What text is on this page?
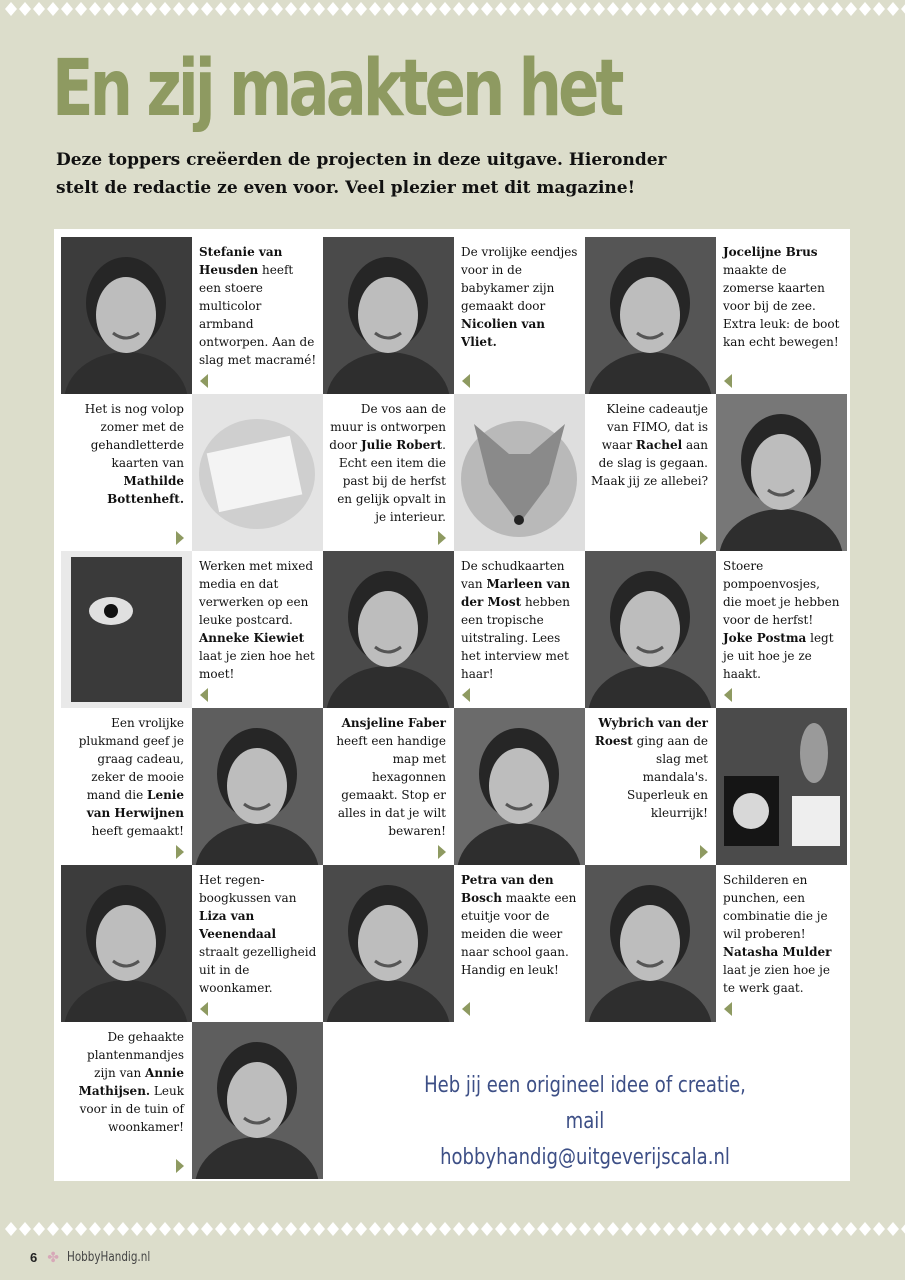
En zij maakten het
Deze toppers creëerden de projecten in deze uitgave. Hieronder
stelt de redactie ze even voor. Veel plezier met dit magazine!
Stefanie van Heusden heeft een stoere multicolor armband ontworpen. Aan de slag met macramé!
De vrolijke eendjes voor in de babykamer zijn gemaakt door Nicolien van Vliet.
Jocelijne Brus maakte de zomerse kaarten voor bij de zee. Extra leuk: de boot kan echt bewegen!
Het is nog volop zomer met de gehandletterde kaarten van Mathilde Bottenheft.
De vos aan de muur is ontworpen door Julie Robert. Echt een item die past bij de herfst en gelijk opvalt in je interieur.
Kleine cadeautje van FIMO, dat is waar Rachel aan de slag is gegaan. Maak jij ze allebei?
Werken met mixed media en dat verwerken op een leuke postcard. Anneke Kiewiet laat je zien hoe het moet!
De schudkaarten van Marleen van der Most hebben een tropische uitstraling. Lees het interview met haar!
Stoere pompoenvosjes, die moet je hebben voor de herfst! Joke Postma legt je uit hoe je ze haakt.
Een vrolijke plukmand geef je graag cadeau, zeker de mooie mand die Lenie van Herwijnen heeft gemaakt!
Ansjeline Faber heeft een handige map met hexagonnen gemaakt. Stop er alles in dat je wilt bewaren!
Wybrich van der Roest ging aan de slag met mandala's. Superleuk en kleurrijk!
Het regen-boogkussen van Liza van Veenendaal straalt gezelligheid uit in de woonkamer.
Petra van den Bosch maakte een etuitje voor de meiden die weer naar school gaan. Handig en leuk!
Schilderen en punchen, een combinatie die je wil proberen! Natasha Mulder laat je zien hoe je te werk gaat.
De gehaakte plantenmandjes zijn van Annie Mathijsen. Leuk voor in de tuin of woonkamer!
Heb jij een origineel idee of creatie,
mail hobbyhandig@uitgeverijscala.nl
6 ✤ HobbyHandig.nl
